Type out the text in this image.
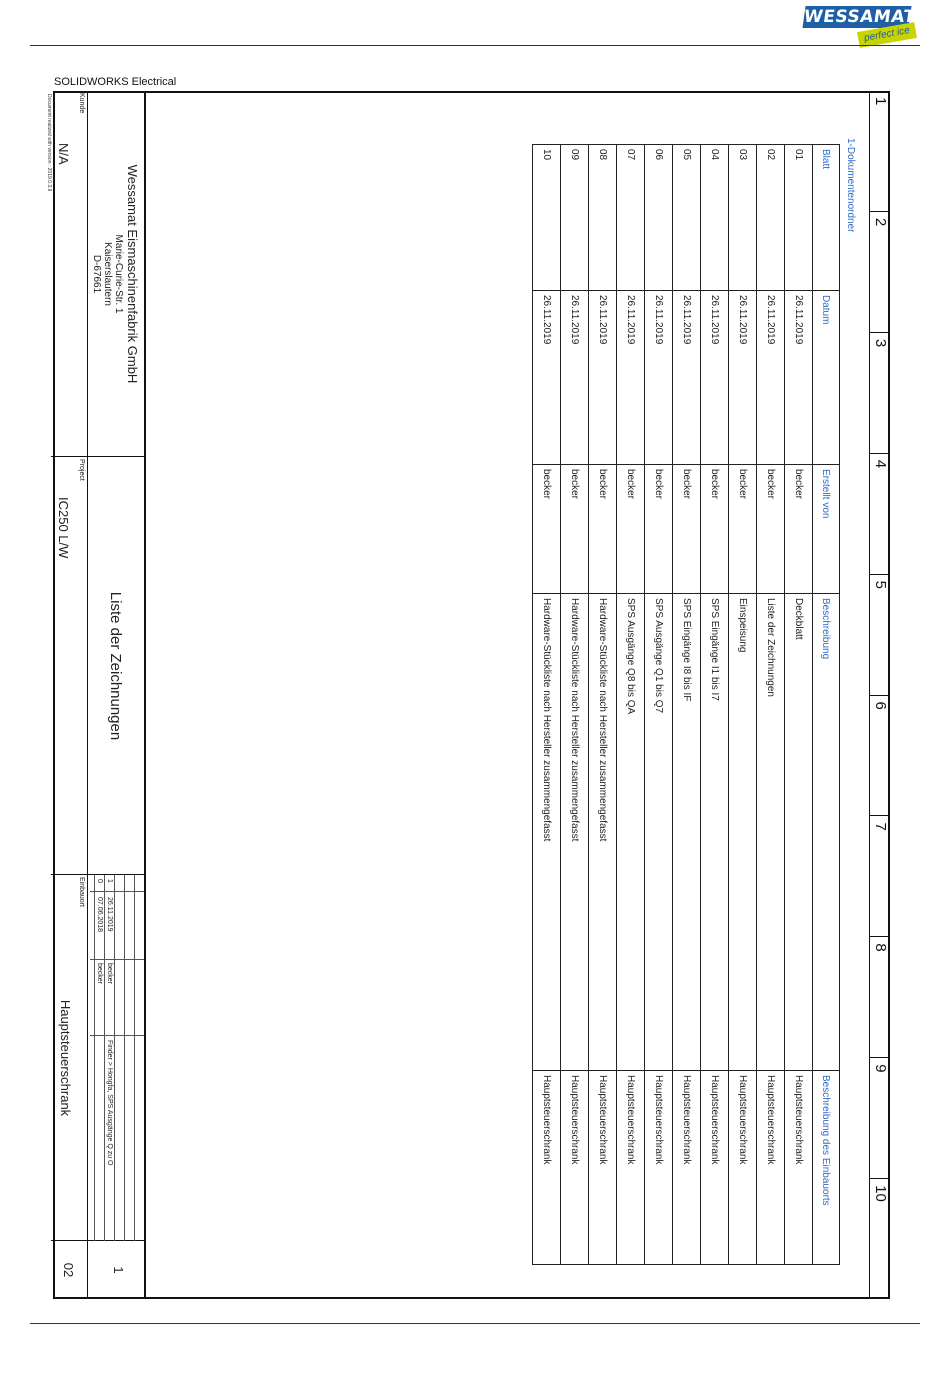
WESSAMAT
perfect ice
SOLIDWORKS Electrical
Document realized with version : 2019.0.3.9	1
2
3
4
5
6
7
8
9
10
1-Dokumentenordner
Blatt	Datum	Erstellt von	Beschreibung	Beschreibung des Einbauorts
01	26.11.2019	becker	Deckblatt	Hauptsteuerschrank
02	26.11.2019	becker	Liste der Zeichnungen	Hauptsteuerschrank
03	26.11.2019	becker	Einspeisung	Hauptsteuerschrank
04	26.11.2019	becker	SPS Eingänge I1 bis I7	Hauptsteuerschrank
05	26.11.2019	becker	SPS Eingänge I8 bis IF	Hauptsteuerschrank
06	26.11.2019	becker	SPS Ausgänge Q1 bis Q7	Hauptsteuerschrank
07	26.11.2019	becker	SPS Ausgänge Q8 bis QA	Hauptsteuerschrank
08	26.11.2019	becker	Hardware-Stückliste nach Hersteller zusammengefasst	Hauptsteuerschrank
09	26.11.2019	becker	Hardware-Stückliste nach Hersteller zusammengefasst	Hauptsteuerschrank
10	26.11.2019	becker	Hardware-Stückliste nach Hersteller zusammengefasst	Hauptsteuerschrank
Wessamat Eismaschinenfabrik GmbH
Marie-Curie-Str. 1
Kaiserslautern
D-67661
Kunde
N/A
Liste der Zeichnungen
Project
IC250 L/W
1
26.11.2019
becker
Finder > Hongfa, SPS Ausgänge Q zu O
0
07.06.2018
becker
Einbauort
Hauptsteuerschrank
1
02
